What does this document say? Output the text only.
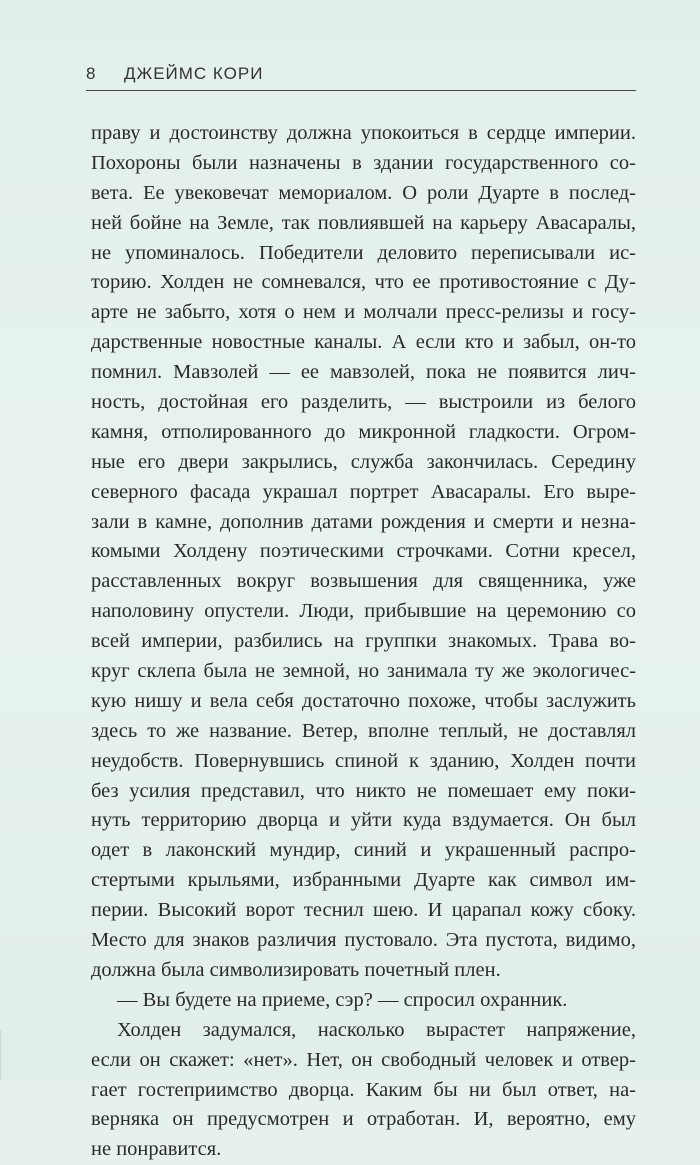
8 ДЖЕЙМС КОРИ
праву и достоинству должна упокоиться в сердце империи.
Похороны были назначены в здании государственного со-
вета. Ее увековечат мемориалом. О роли Дуарте в послед-
ней бойне на Земле, так повлиявшей на карьеру Авасаралы,
не упоминалось. Победители деловито переписывали ис-
торию. Холден не сомневался, что ее противостояние с Ду-
арте не забыто, хотя о нем и молчали пресс-релизы и госу-
дарственные новостные каналы. А если кто и забыл, он-то
помнил. Мавзолей — ее мавзолей, пока не появится лич-
ность, достойная его разделить, — выстроили из белого
камня, отполированного до микронной гладкости. Огром-
ные его двери закрылись, служба закончилась. Середину
северного фасада украшал портрет Авасаралы. Его выре-
зали в камне, дополнив датами рождения и смерти и незна-
комыми Холдену поэтическими строчками. Сотни кресел,
расставленных вокруг возвышения для священника, уже
наполовину опустели. Люди, прибывшие на церемонию со
всей империи, разбились на группки знакомых. Трава во-
круг склепа была не земной, но занимала ту же экологичес-
кую нишу и вела себя достаточно похоже, чтобы заслужить
здесь то же название. Ветер, вполне теплый, не доставлял
неудобств. Повернувшись спиной к зданию, Холден почти
без усилия представил, что никто не помешает ему поки-
нуть территорию дворца и уйти куда вздумается. Он был
одет в лаконский мундир, синий и украшенный распро-
стертыми крыльями, избранными Дуарте как символ им-
перии. Высокий ворот теснил шею. И царапал кожу сбоку.
Место для знаков различия пустовало. Эта пустота, видимо,
должна была символизировать почетный плен.
— Вы будете на приеме, сэр? — спросил охранник.
Холден задумался, насколько вырастет напряжение,
если он скажет: «нет». Нет, он свободный человек и отвер-
гает гостеприимство дворца. Каким бы ни был ответ, на-
верняка он предусмотрен и отработан. И, вероятно, ему
не понравится.
